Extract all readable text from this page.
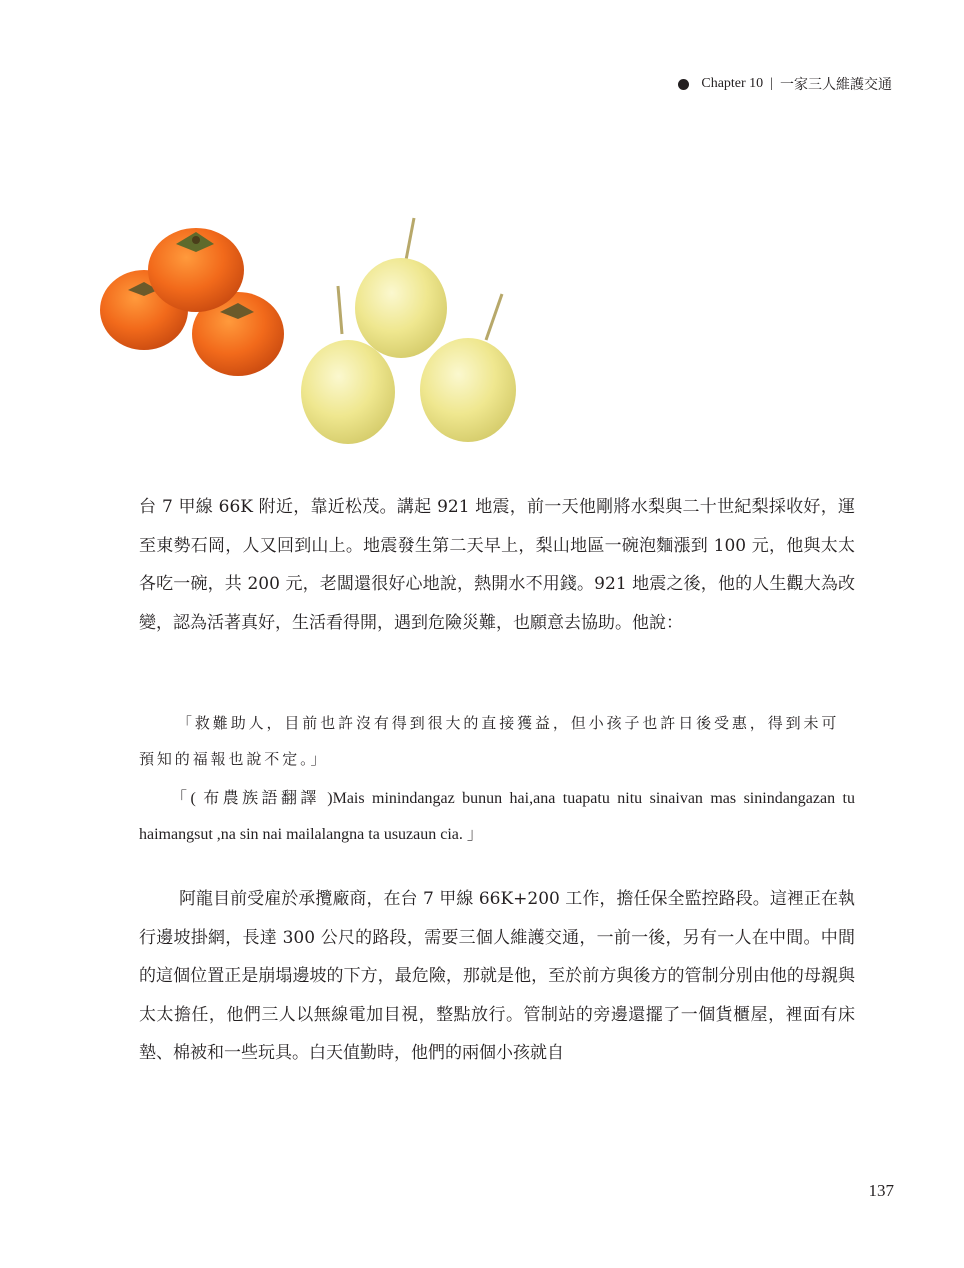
Chapter 10 | 一家三人維護交通

台 7 甲線 66K 附近，靠近松茂。講起 921 地震，前一天他剛將水梨與二十世紀梨採收好，運至東勢石岡，人又回到山上。地震發生第二天早上，梨山地區一碗泡麵漲到 100 元，他與太太各吃一碗，共 200 元，老闆還很好心地說，熱開水不用錢。921 地震之後，他的人生觀大為改變，認為活著真好，生活看得開，遇到危險災難，也願意去協助。他說：

「救難助人，目前也許沒有得到很大的直接獲益，但小孩子也許日後受惠，得到未可預知的福報也說不定。」

「( 布農族語翻譯 )Mais minindangaz bunun hai,ana tuapatu nitu sinaivan mas sinindangazan tu haimangsut ,na sin nai mailalangna ta usuzaun cia. 」

阿龍目前受雇於承攬廠商，在台 7 甲線 66K+200 工作，擔任保全監控路段。這裡正在執行邊坡掛網，長達 300 公尺的路段，需要三個人維護交通，一前一後，另有一人在中間。中間的這個位置正是崩塌邊坡的下方，最危險，那就是他，至於前方與後方的管制分別由他的母親與太太擔任，他們三人以無線電加目視，整點放行。管制站的旁邊還擺了一個貨櫃屋，裡面有床墊、棉被和一些玩具。白天值勤時，他們的兩個小孩就自

137
